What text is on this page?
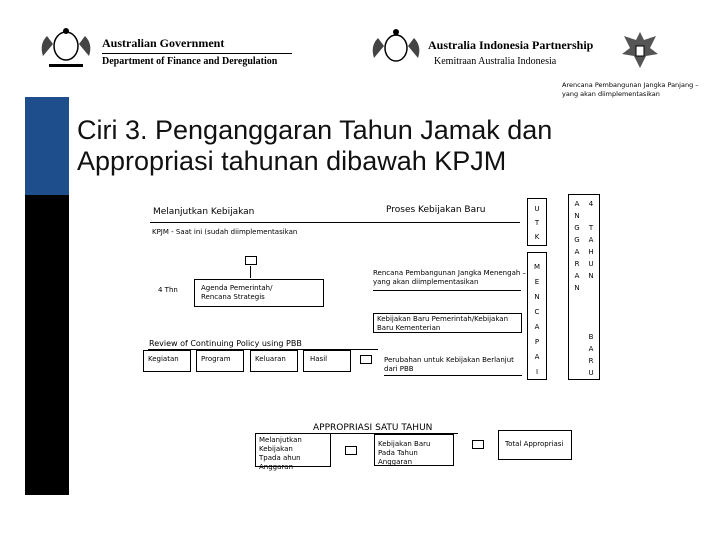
Australian Government
Department of Finance and Deregulation
Australia Indonesia Partnership
Kemitraan Australia Indonesia
Arencana Pembangunan Jangka Panjang –
yang akan diimplementasikan
Ciri 3. Penganggaran Tahun Jamak dan
Appropriasi tahunan dibawah KPJM
Melanjutkan Kebijakan	Proses Kebijakan Baru
KPJM - Saat ini (sudah diimplementasikan
4 Thn	Agenda Pemerintah/
Rencana Strategis
Rencana Pembangunan Jangka Menengah –
yang akan diimplementasikan
Kebijakan Baru Pemerintah/Kebijakan
Baru Kementerian
Review of Continuing Policy using PBB
Kegiatan	Program	Keluaran	Hasil	Perubahan untuk Kebijakan Berlanjut
dari PBB
U
T
K
M
E
N
C
A
P
A
I
A
N
G
G
A
R
A
N
4
T
A
H
U
N
B
A
R
U
APPROPRIASI SATU TAHUN
Melanjutkan Kebijakan
Tpada ahun Anggaran
Kebijakan Baru
Pada Tahun Anggaran
Total Appropriasi
